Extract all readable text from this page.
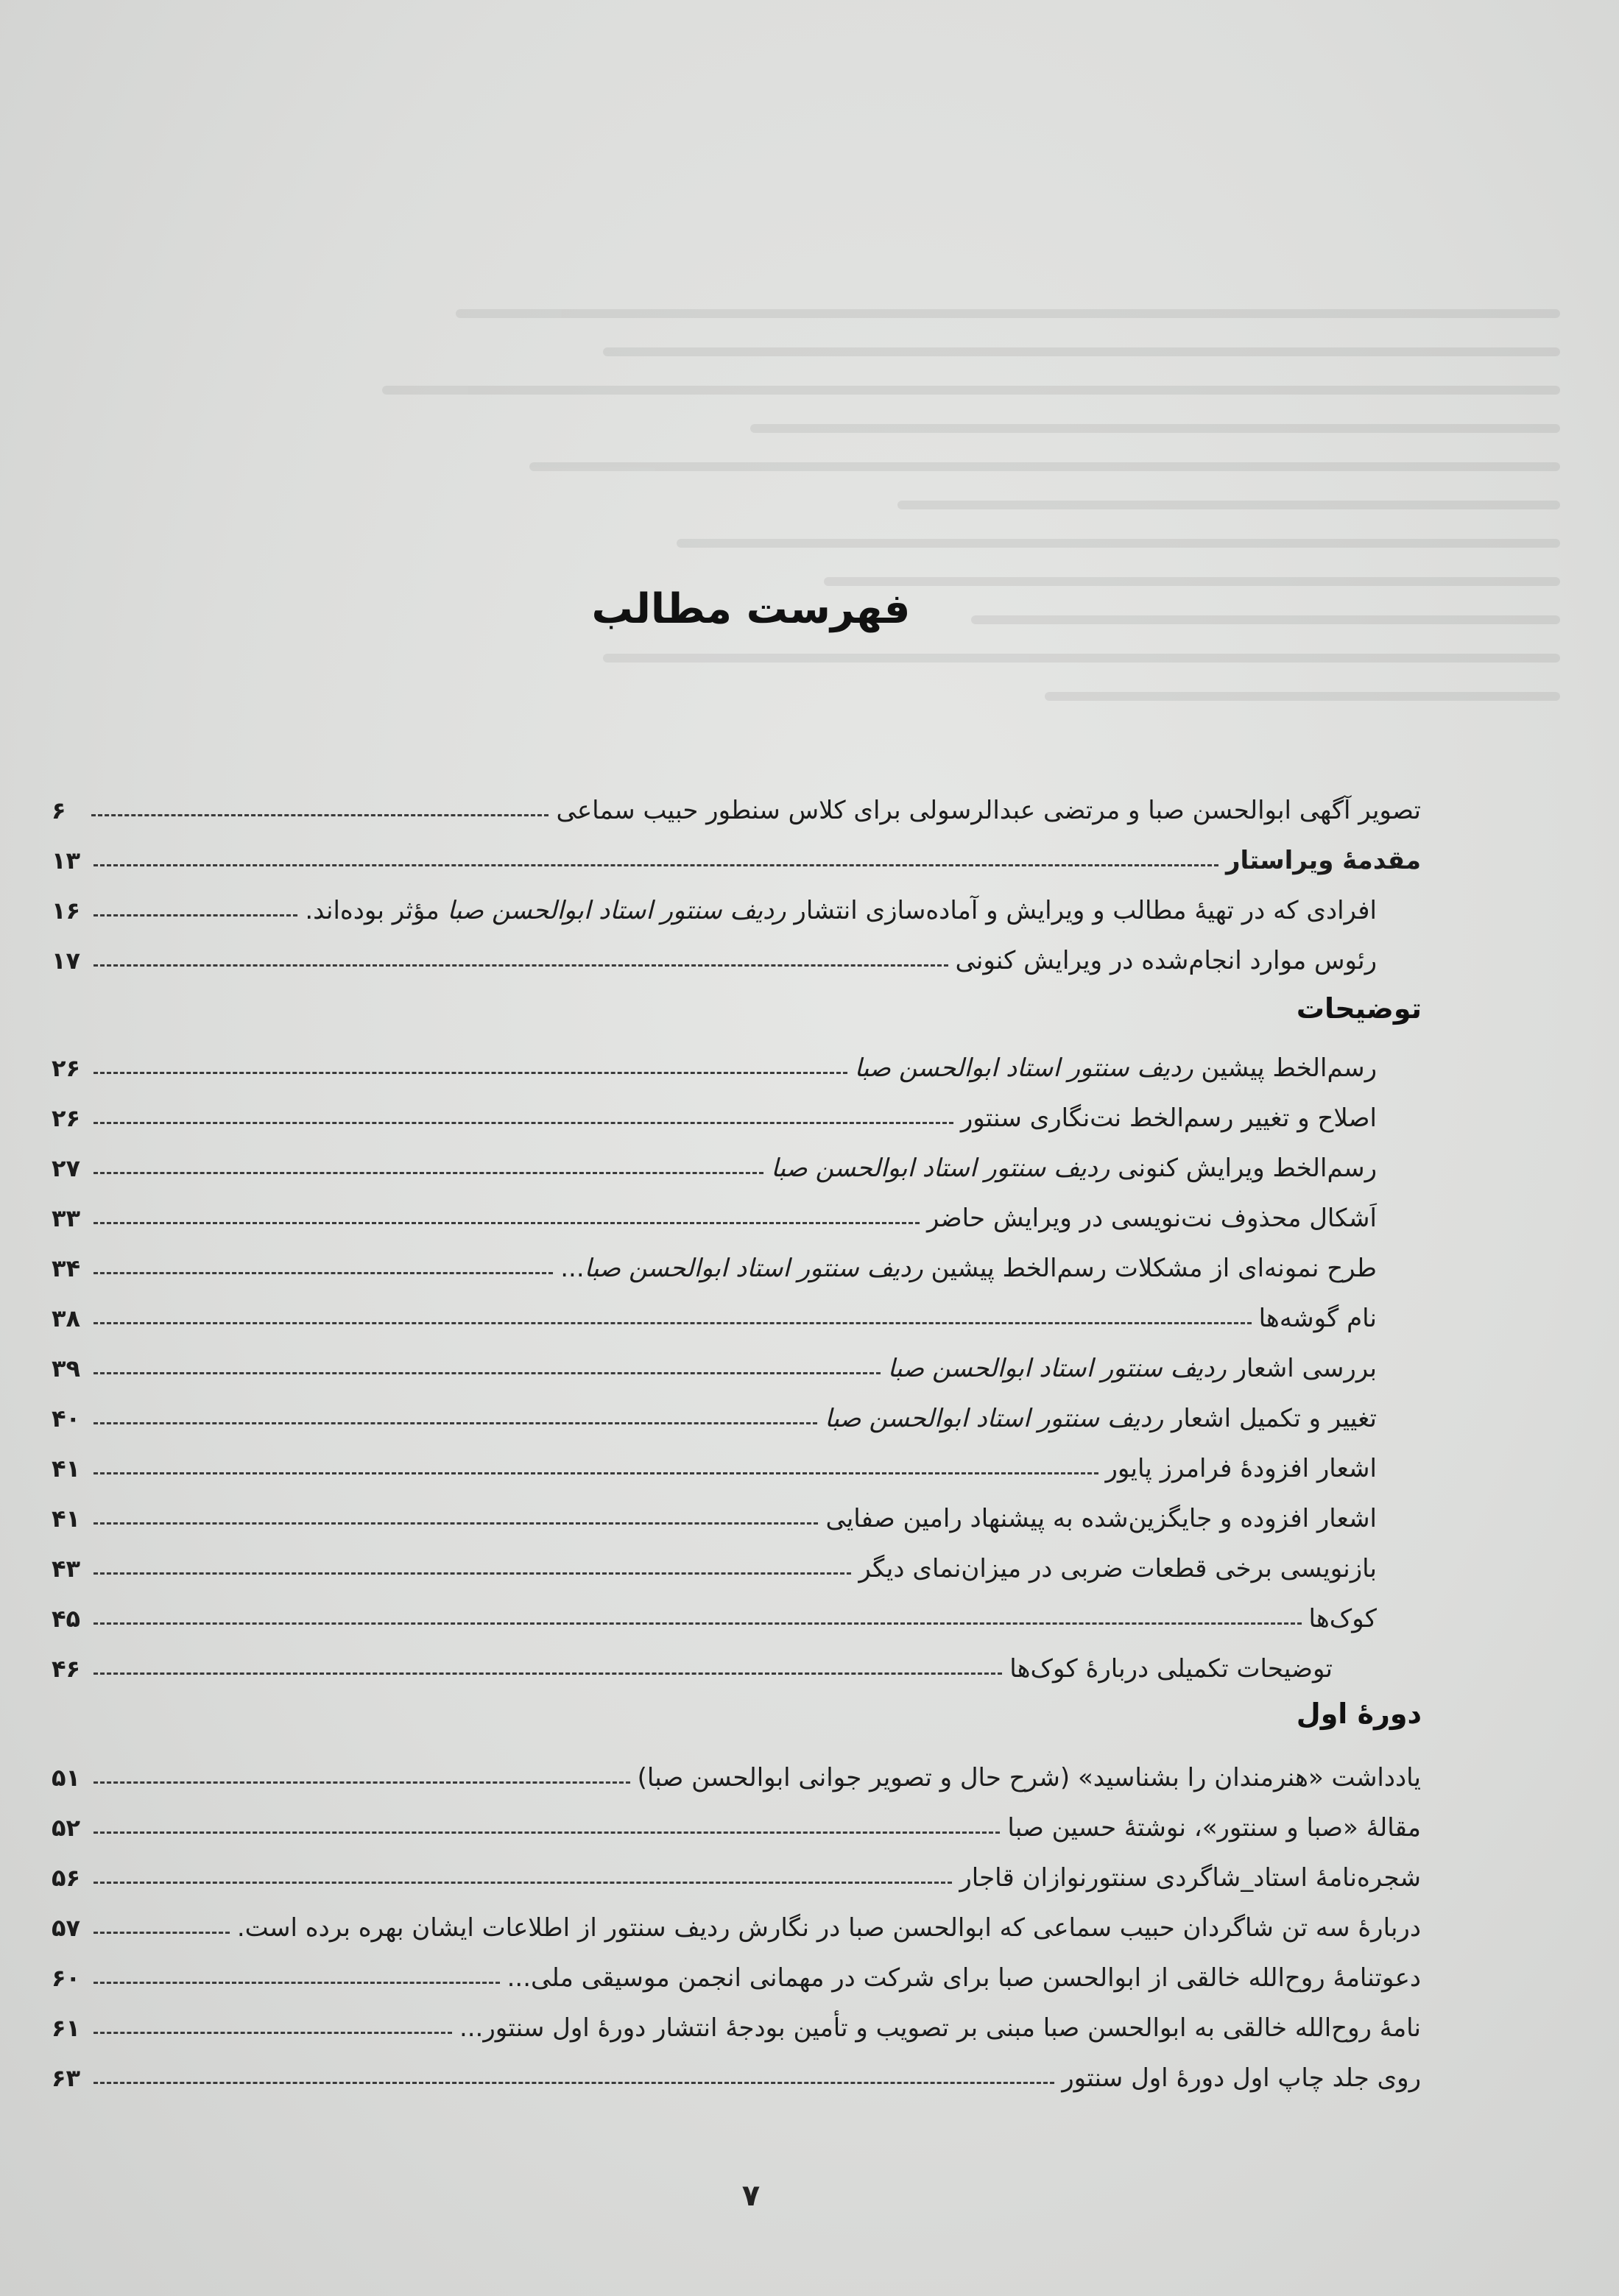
فهرست مطالب
تصویر آگهی ابوالحسن صبا و مرتضی عبدالرسولی برای کلاس سنطور حبیب سماعی
۶
مقدمهٔ ویراستار
۱۳
افرادی که در تهیهٔ مطالب و ویرایش و آماده‌سازی انتشار ردیف سنتور استاد ابوالحسن صبا مؤثر بوده‌اند.
۱۶
رئوس موارد انجام‌شده در ویرایش کنونی
۱۷
توضیحات
رسم‌الخط پیشین ردیف سنتور استاد ابوالحسن صبا
۲۶
اصلاح و تغییر رسم‌الخط نت‌نگاری سنتور
۲۶
رسم‌الخط ویرایش کنونی ردیف سنتور استاد ابوالحسن صبا
۲۷
اَشکال محذوف نت‌نویسی در ویرایش حاضر
۳۳
طرح نمونه‌ای از مشکلات رسم‌الخط پیشین ردیف سنتور استاد ابوالحسن صبا...
۳۴
نام گوشه‌ها
۳۸
بررسی اشعار ردیف سنتور استاد ابوالحسن صبا
۳۹
تغییر و تکمیل اشعار ردیف سنتور استاد ابوالحسن صبا
۴۰
اشعار افزودهٔ فرامرز پایور
۴۱
اشعار افزوده و جایگزین‌شده به پیشنهاد رامین صفایی
۴۱
بازنویسی برخی قطعات ضربی در میزان‌نمای دیگر
۴۳
کوک‌ها
۴۵
توضیحات تکمیلی دربارهٔ کوک‌ها
۴۶
دورهٔ اول
یادداشت «هنرمندان را بشناسید» (شرح حال و تصویر جوانی ابوالحسن صبا)
۵۱
مقالهٔ «صبا و سنتور»، نوشتهٔ حسین صبا
۵۲
شجره‌نامهٔ استاد_شاگردی سنتورنوازان قاجار
۵۶
دربارهٔ سه تن شاگردان حبیب سماعی که ابوالحسن صبا در نگارش ردیف سنتور از اطلاعات ایشان بهره برده است.
۵۷
دعوتنامهٔ روح‌الله خالقی از ابوالحسن صبا برای شرکت در مهمانی انجمن موسیقی ملی...
۶۰
نامهٔ روح‌الله خالقی به ابوالحسن صبا مبنی بر تصویب و تأمین بودجهٔ انتشار دورهٔ اول سنتور...
۶۱
روی جلد چاپ اول دورهٔ اول سنتور
۶۳
۷
